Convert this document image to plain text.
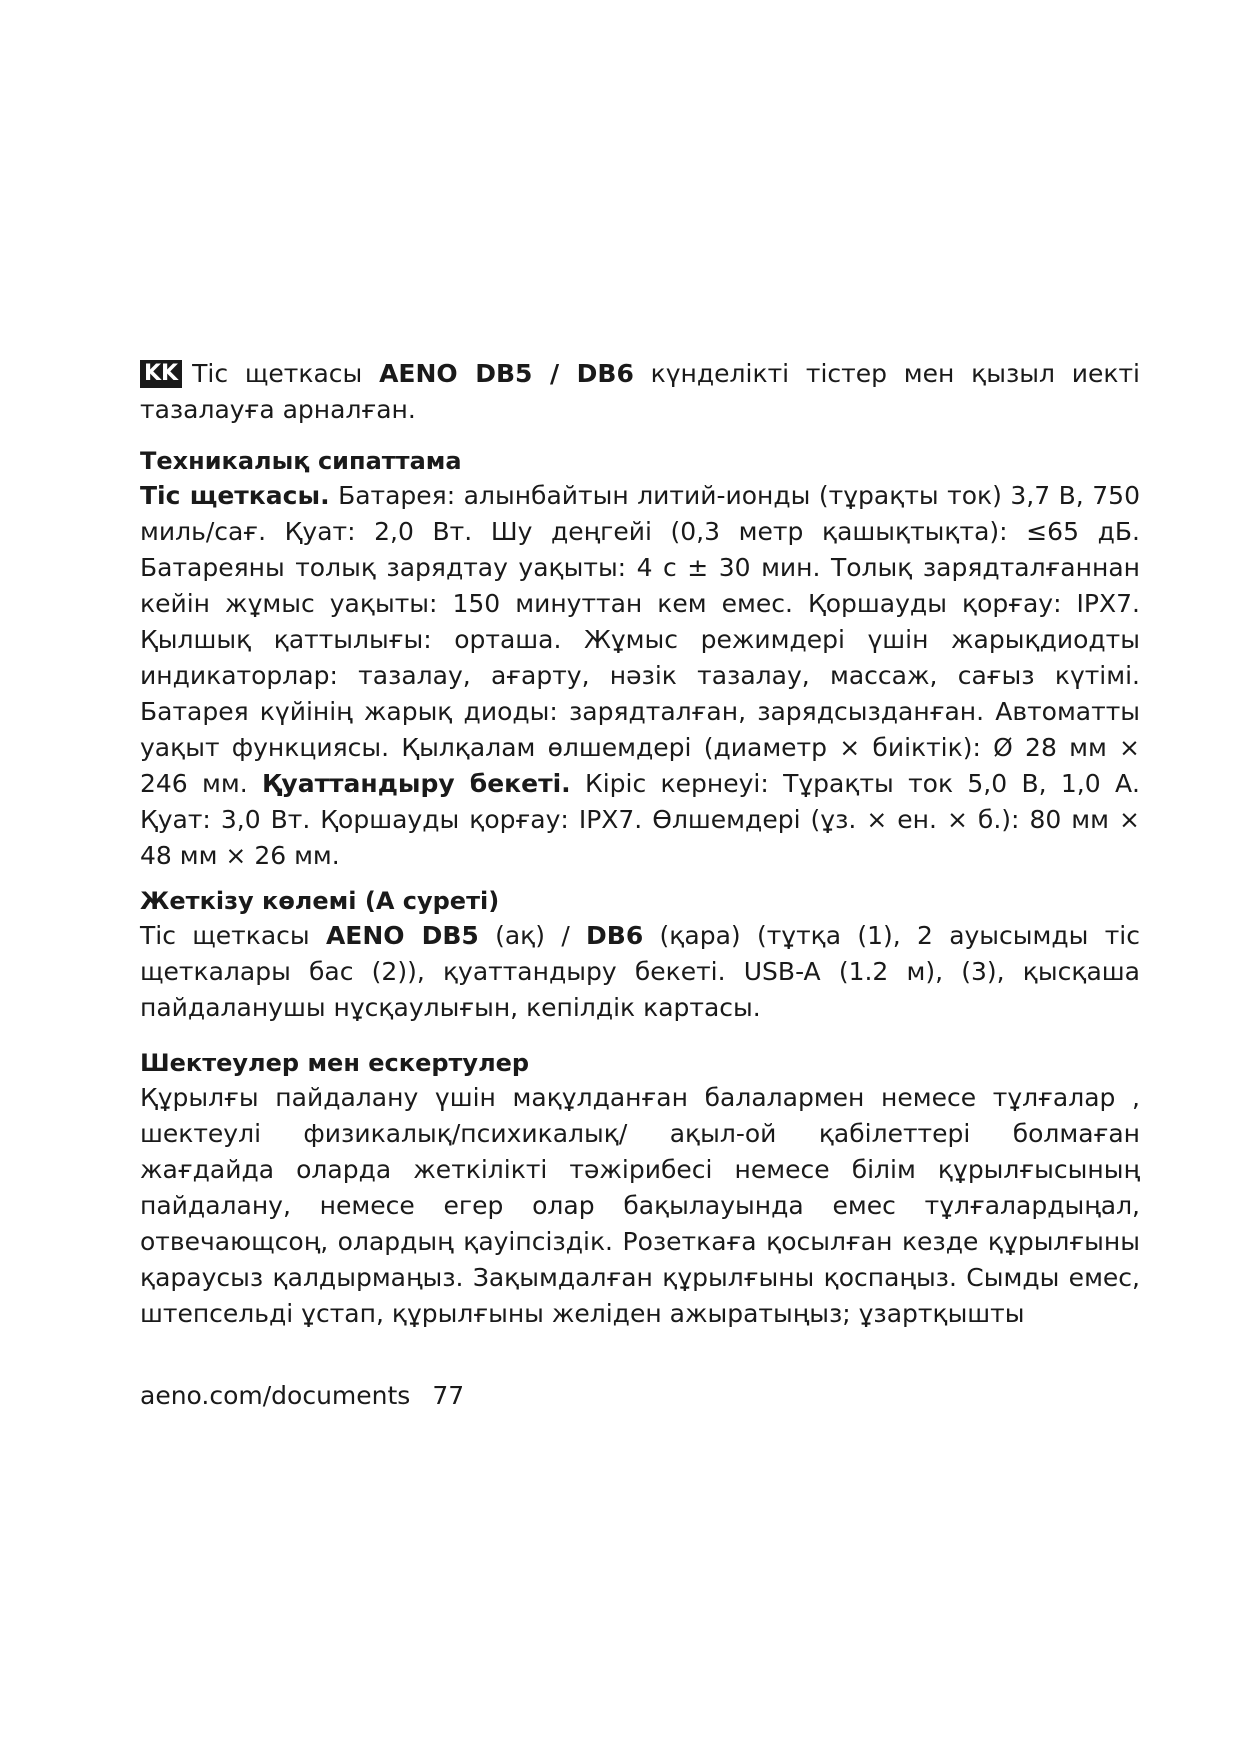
KK Тіс щеткасы AENO DB5 / DB6 күнделікті тістер мен қызыл иекті тазалауға арналған.

Техникалық сипаттама

Тіс щеткасы. Батарея: алынбайтын литий-ионды (тұрақты ток) 3,7 В, 750 миль/сағ. Қуат: 2,0 Вт. Шу деңгейі (0,3 метр қашықтықта): ≤65 дБ. Батареяны толық зарядтау уақыты: 4 с ± 30 мин. Толық зарядталғаннан кейін жұмыс уақыты: 150 минуттан кем емес. Қоршауды қорғау: IPX7. Қылшық қаттылығы: орташа. Жұмыс режимдері үшін жарықдиодты индикаторлар: тазалау, ағарту, нәзік тазалау, массаж, сағыз күтімі. Батарея күйінің жарық диоды: зарядталған, зарядсызданған. Автоматты уақыт функциясы. Қылқалам өлшемдері (диаметр × биіктік): Ø 28 мм × 246 мм. Қуаттандыру бекеті. Кіріс кернеуі: Тұрақты ток 5,0 В, 1,0 А. Қуат: 3,0 Вт. Қоршауды қорғау: IPX7. Өлшемдері (ұз. × ен. × б.): 80 мм × 48 мм × 26 мм.

Жеткізу көлемі (А суреті)

Тіс щеткасы AENO DB5 (ақ) / DB6 (қара) (тұтқа (1), 2 ауысымды тіс щеткалары бас (2)), қуаттандыру бекеті. USB-A (1.2 м), (3), қысқаша пайдаланушы нұсқаулығын, кепілдік картасы.

Шектеулер мен ескертулер

Құрылғы пайдалану үшін мақұлданған балалармен немесе тұлғалар , шектеулі физикалық/психикалық/ ақыл-ой қабілеттері болмаған жағдайда оларда жеткілікті тәжірибесі немесе білім құрылғысының пайдалану, немесе егер олар бақылауында емес тұлғалардыңал, отвечающсоң, олардың қауіпсіздік. Розеткаға қосылған кезде құрылғыны қараусыз қалдырмаңыз. Зақымдалған құрылғыны қоспаңыз. Сымды емес, штепсельді ұстап, құрылғыны желіден ажыратыңыз; ұзартқышты

aeno.com/documents 77
